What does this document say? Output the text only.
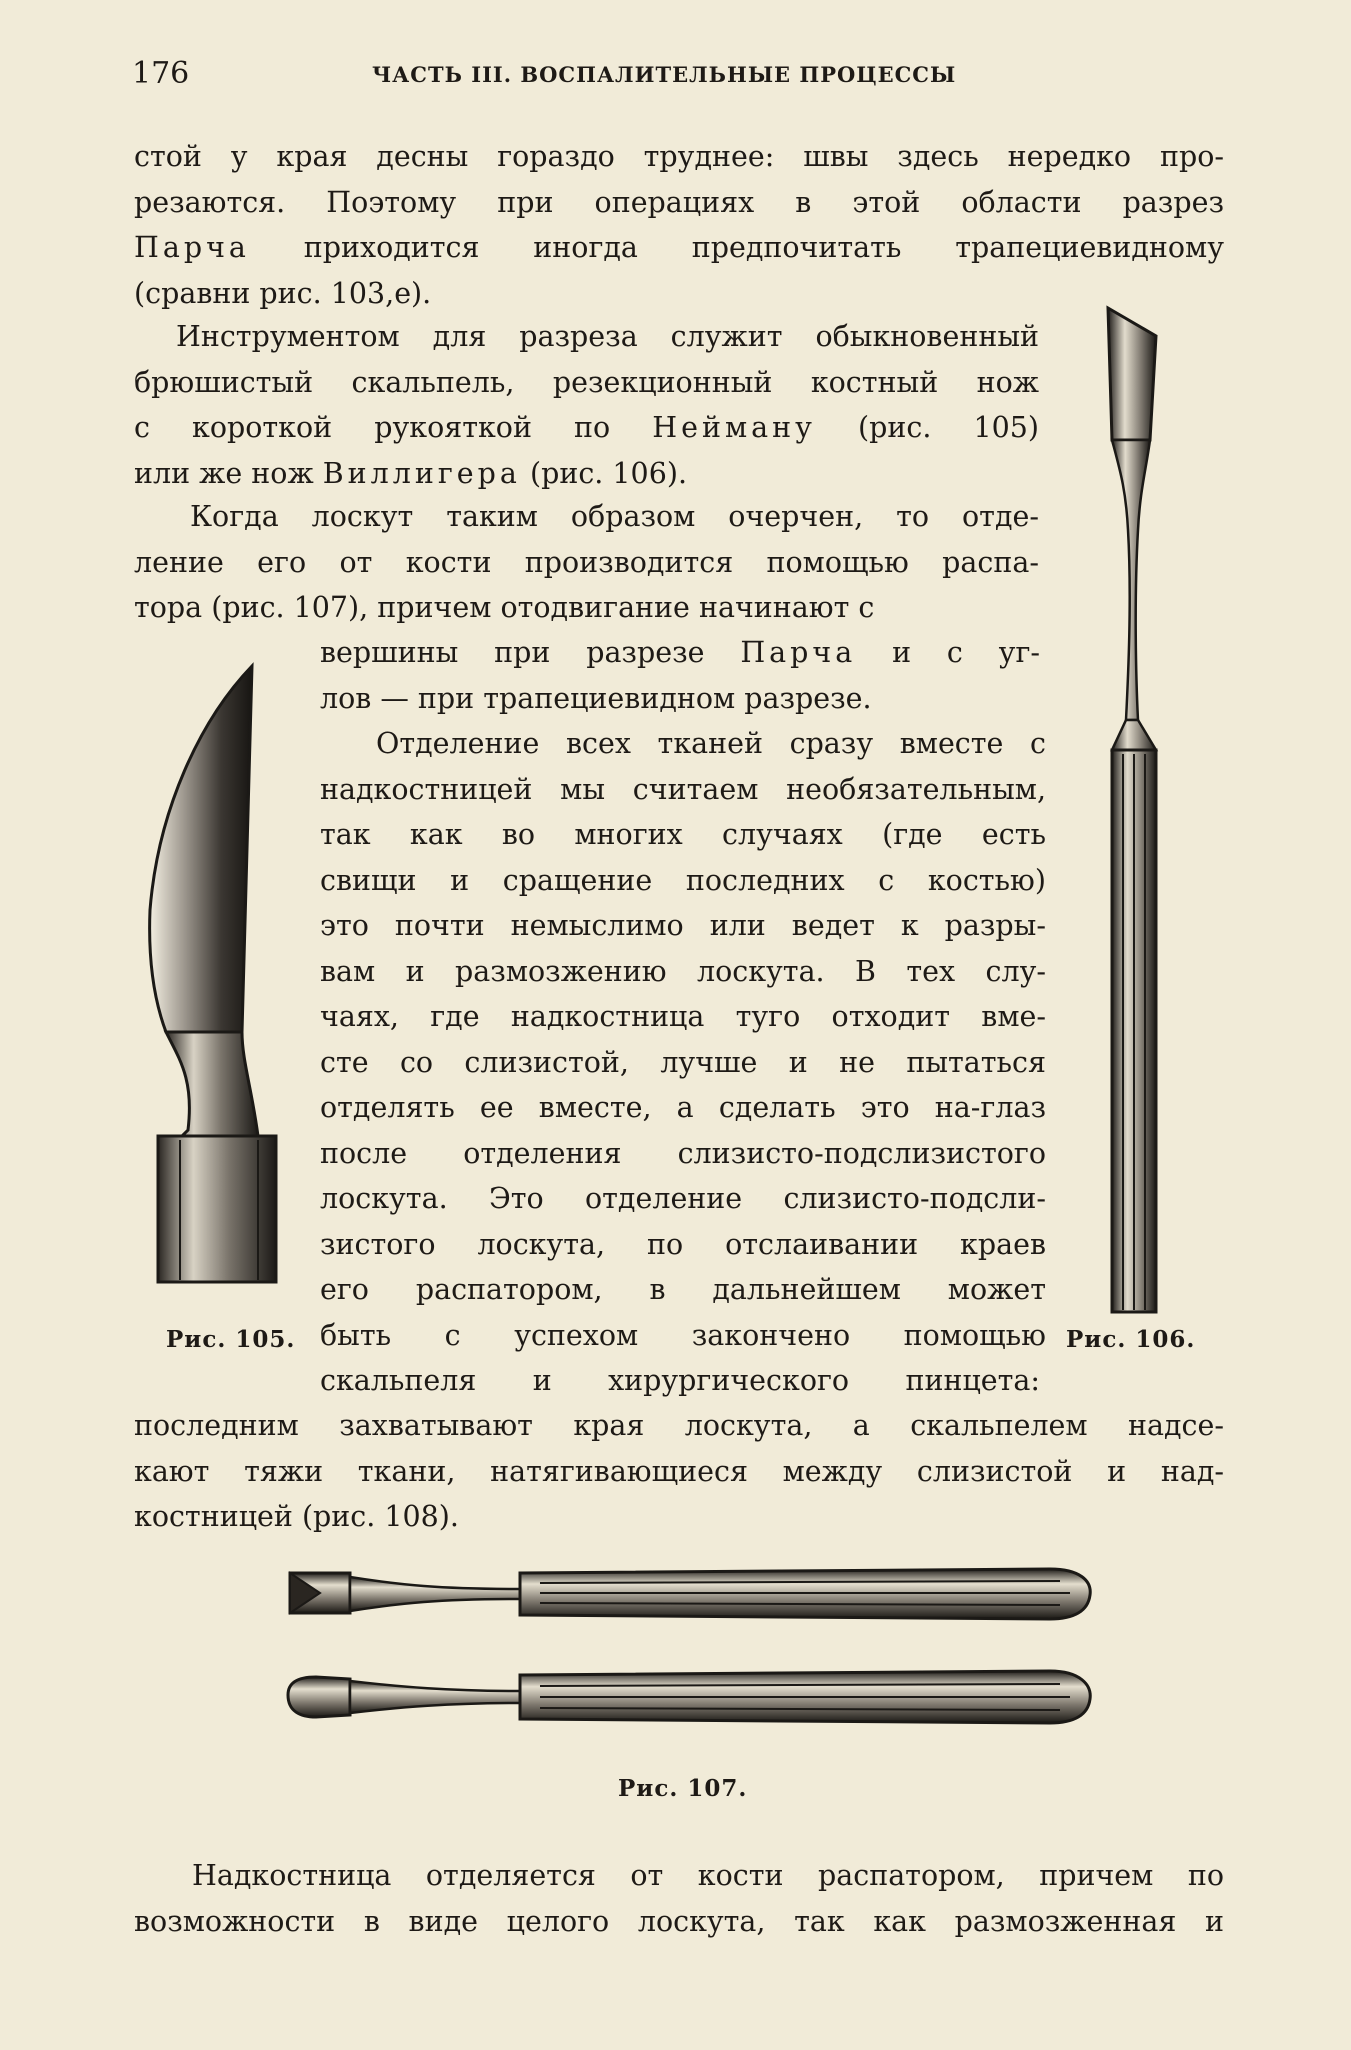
176	ЧАСТЬ III. ВОСПАЛИТЕЛЬНЫЕ ПРОЦЕССЫ
стой у края десны гораздо труднее: швы здесь нередко про-
резаются. Поэтому при операциях в этой области разрез
Парча приходится иногда предпочитать трапециевидному
(сравни рис. 103,е).
Инструментом для разреза служит обыкновенный
брюшистый скальпель, резекционный костный нож
с короткой рукояткой по Нейману (рис. 105)
или же нож Виллигера (рис. 106).
Когда лоскут таким образом очерчен, то отде-
ление его от кости производится помощью распа-
тора (рис. 107), причем отодвигание начинают с
вершины при разрезе Парча и с уг-
лов — при трапециевидном разрезе.
Отделение всех тканей сразу вместе с
надкостницей мы считаем необязательным,
так как во многих случаях (где есть
свищи и сращение последних с костью)
это почти немыслимо или ведет к разры-
вам и размозжению лоскута. В тех слу-
чаях, где надкостница туго отходит вме-
сте со слизистой, лучше и не пытаться
отделять ее вместе, а сделать это на-глаз
после отделения слизисто-подслизистого
лоскута. Это отделение слизисто-подсли-
зистого лоскута, по отслаивании краев
его распатором, в дальнейшем может
быть с успехом закончено помощью
скальпеля и хирургического пинцета:
последним захватывают края лоскута, а скальпелем надсе-
кают тяжи ткани, натягивающиеся между слизистой и над-
костницей (рис. 108).
Рис. 105.	Рис. 106.
Рис. 107.
Надкостница отделяется от кости распатором, причем по
возможности в виде целого лоскута, так как размозженная и
